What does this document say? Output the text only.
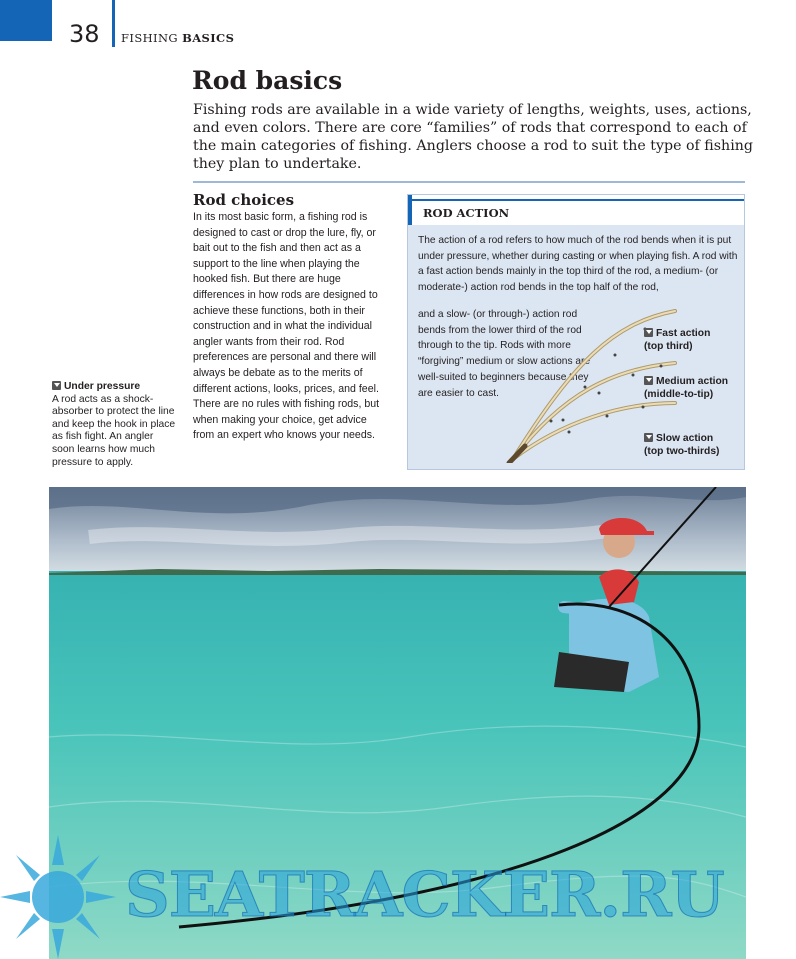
38 FISHING BASICS
Rod basics

Fishing rods are available in a wide variety of lengths, weights, uses, actions, and even colors. There are core “families” of rods that correspond to each of the main categories of fishing. Anglers choose a rod to suit the type of fishing they plan to undertake.

Rod choices

In its most basic form, a fishing rod is designed to cast or drop the lure, fly, or bait out to the fish and then act as a support to the line when playing the hooked fish. But there are huge differences in how rods are designed to achieve these functions, both in their construction and in what the individual angler wants from their rod. Rod preferences are personal and there will always be debate as to the merits of different actions, looks, prices, and feel. There are no rules with fishing rods, but when making your choice, get advice from an expert who knows your needs.

Under pressure
A rod acts as a shock-absorber to protect the line and keep the hook in place as fish fight. An angler soon learns how much pressure to apply.
ROD ACTION

The action of a rod refers to how much of the rod bends when it is put under pressure, whether during casting or when playing fish. A rod with a fast action bends mainly in the top third of the rod, a medium- (or moderate-) action rod bends in the top half of the rod,

and a slow- (or through-) action rod bends from the lower third of the rod through to the tip. Rods with more “forgiving” medium or slow actions are well-suited to beginners because they are easier to cast.

Fast action
(top third)
Medium action
(middle-to-tip)
Slow action
(top two-thirds)
SEATRACKER.RU
